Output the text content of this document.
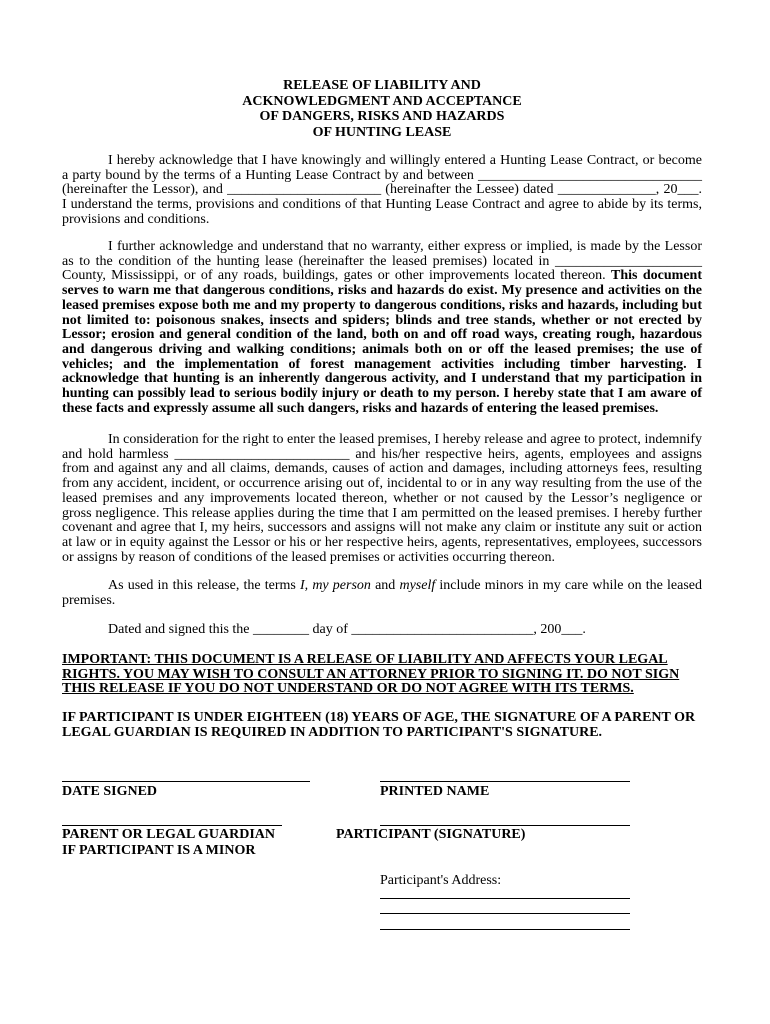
RELEASE OF LIABILITY AND
ACKNOWLEDGMENT AND ACCEPTANCE
OF DANGERS, RISKS AND HAZARDS
OF HUNTING LEASE
I hereby acknowledge that I have knowingly and willingly entered a Hunting Lease Contract, or become a party bound by the terms of a Hunting Lease Contract by and between ________________________________ (hereinafter the Lessor), and ______________________ (hereinafter the Lessee) dated ______________, 20___. I understand the terms, provisions and conditions of that Hunting Lease Contract and agree to abide by its terms, provisions and conditions.
I further acknowledge and understand that no warranty, either express or implied, is made by the Lessor as to the condition of the hunting lease (hereinafter the leased premises) located in _____________________ County, Mississippi, or of any roads, buildings, gates or other improvements located thereon. This document serves to warn me that dangerous conditions, risks and hazards do exist. My presence and activities on the leased premises expose both me and my property to dangerous conditions, risks and hazards, including but not limited to: poisonous snakes, insects and spiders; blinds and tree stands, whether or not erected by Lessor; erosion and general condition of the land, both on and off road ways, creating rough, hazardous and dangerous driving and walking conditions; animals both on or off the leased premises; the use of vehicles; and the implementation of forest management activities including timber harvesting. I acknowledge that hunting is an inherently dangerous activity, and I understand that my participation in hunting can possibly lead to serious bodily injury or death to my person. I hereby state that I am aware of these facts and expressly assume all such dangers, risks and hazards of entering the leased premises.
In consideration for the right to enter the leased premises, I hereby release and agree to protect, indemnify and hold harmless _________________________ and his/her respective heirs, agents, employees and assigns from and against any and all claims, demands, causes of action and damages, including attorneys fees, resulting from any accident, incident, or occurrence arising out of, incidental to or in any way resulting from the use of the leased premises and any improvements located thereon, whether or not caused by the Lessor’s negligence or gross negligence. This release applies during the time that I am permitted on the leased premises. I hereby further covenant and agree that I, my heirs, successors and assigns will not make any claim or institute any suit or action at law or in equity against the Lessor or his or her respective heirs, agents, representatives, employees, successors or assigns by reason of conditions of the leased premises or activities occurring thereon.
As used in this release, the terms I, my person and myself include minors in my care while on the leased premises.
Dated and signed this the ________ day of __________________________, 200___.
IMPORTANT: THIS DOCUMENT IS A RELEASE OF LIABILITY AND AFFECTS YOUR LEGAL RIGHTS. YOU MAY WISH TO CONSULT AN ATTORNEY PRIOR TO SIGNING IT. DO NOT SIGN THIS RELEASE IF YOU DO NOT UNDERSTAND OR DO NOT AGREE WITH ITS TERMS.
IF PARTICIPANT IS UNDER EIGHTEEN (18) YEARS OF AGE, THE SIGNATURE OF A PARENT OR LEGAL GUARDIAN IS REQUIRED IN ADDITION TO PARTICIPANT'S SIGNATURE.
DATE SIGNED	PRINTED NAME
PARENT OR LEGAL GUARDIAN
IF PARTICIPANT IS A MINOR
PARTICIPANT (SIGNATURE)
Participant's Address:
